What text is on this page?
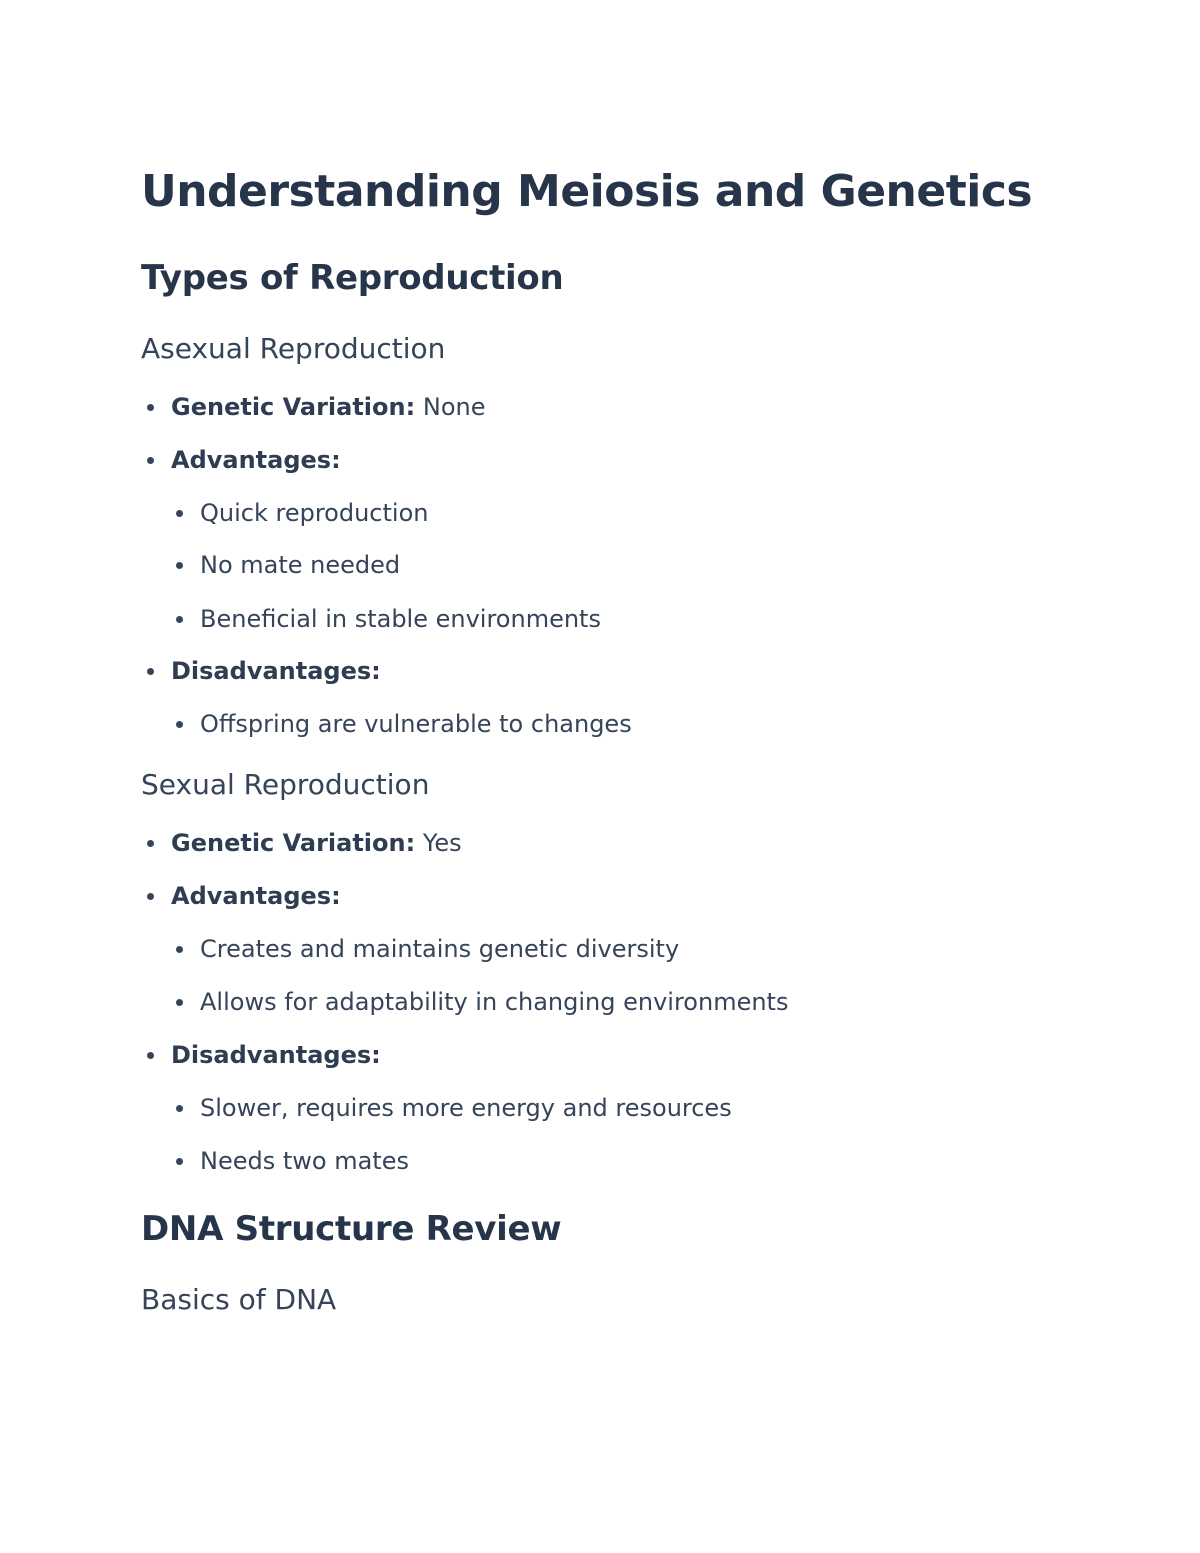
Understanding Meiosis and Genetics
Types of Reproduction
Asexual Reproduction
Genetic Variation: None
Advantages:
Quick reproduction
No mate needed
Beneficial in stable environments
Disadvantages:
Offspring are vulnerable to changes
Sexual Reproduction
Genetic Variation: Yes
Advantages:
Creates and maintains genetic diversity
Allows for adaptability in changing environments
Disadvantages:
Slower, requires more energy and resources
Needs two mates
DNA Structure Review
Basics of DNA
